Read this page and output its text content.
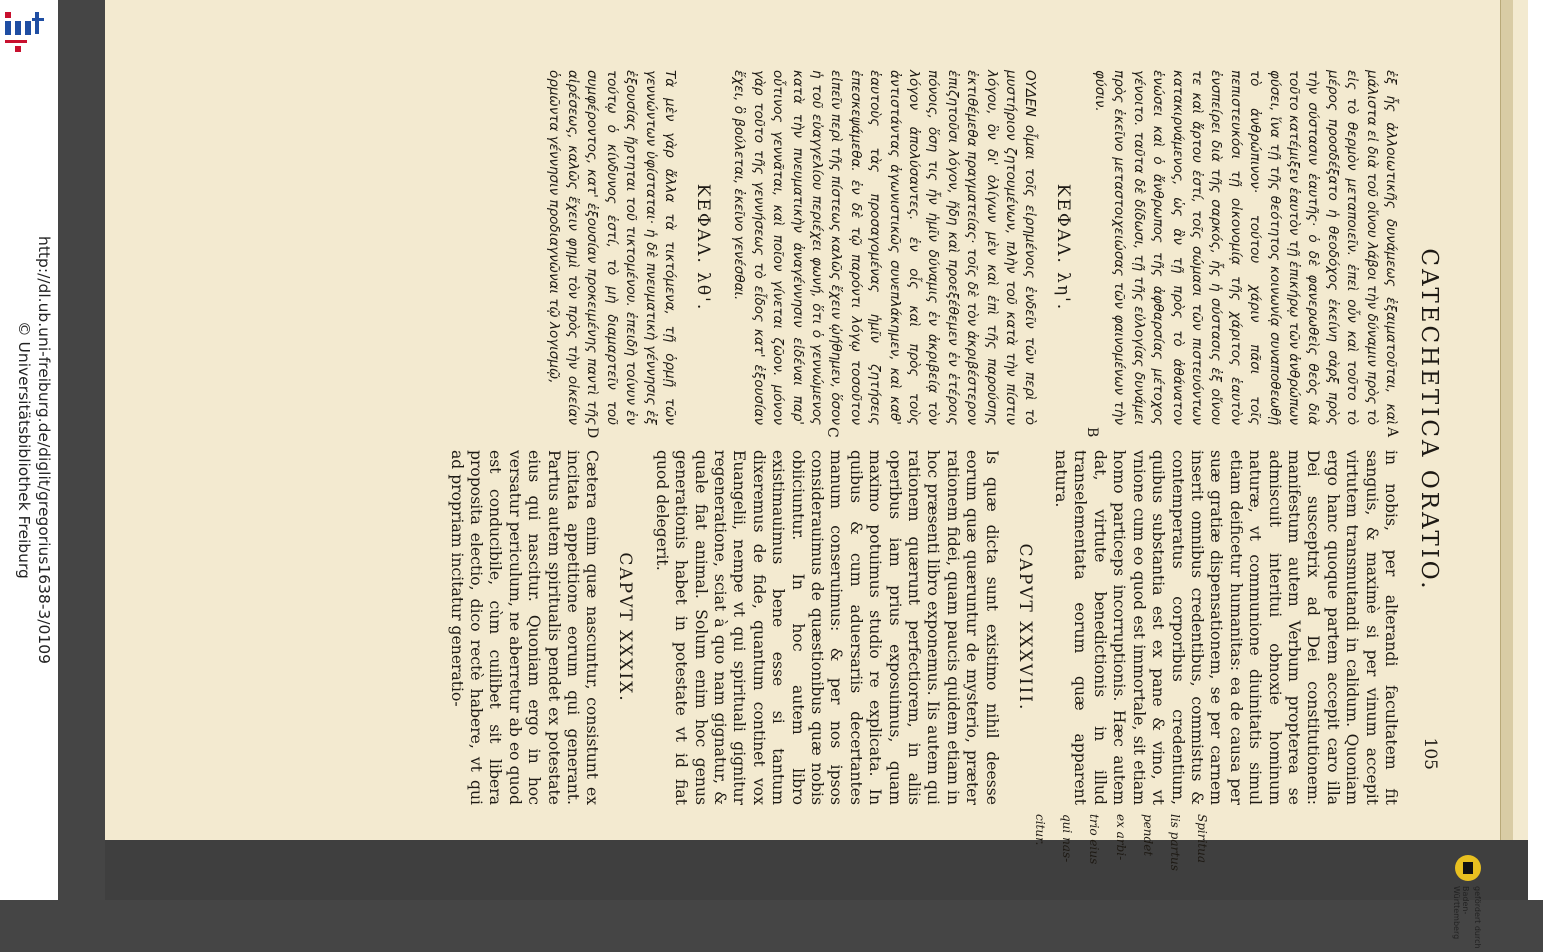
http://dl.ub.uni-freiburg.de/diglit/gregorius1638-3/0109
© Universitätsbibliothek Freiburg	CATECHETICA ORATIO.
105

ἐξ ἧς ἀλλοιωτικῆς δυνάμεως ἐξαιματοῦται, καὶ μάλιστα εἰ διὰ τοῦ οἴνου λάβοι τὴν δύναμιν πρὸς τὸ εἰς τὸ θερμὸν μεταποιεῖν. ἐπεὶ οὖν καὶ τοῦτο τὸ μέρος προσδέξατο ἡ θεοδόχος ἐκείνη σὰρξ πρὸς τὴν σύστασιν ἑαυτῆς· ὁ δὲ φανερωθεὶς θεὸς διὰ τοῦτο κατέμιξεν ἑαυτὸν τῇ ἐπικήρῳ τῶν ἀνθρώπων φύσει, ἵνα τῇ τῆς θεότητος κοινωνίᾳ συναποθεωθῇ τὸ ἀνθρώπινον· τούτου χάριν πᾶσι τοῖς πεπιστευκόσι τῇ οἰκονομίᾳ τῆς χάριτος ἑαυτὸν ἐνσπείρει διὰ τῆς σαρκός, ἧς ἡ σύστασις ἐξ οἴνου τε καὶ ἄρτου ἐστί, τοῖς σώμασι τῶν πιστευόντων κατακιρνάμενος, ὡς ἂν τῇ πρὸς τὸ ἀθάνατον ἑνώσει καὶ ὁ ἄνθρωπος τῆς ἀφθαρσίας μέτοχος γένοιτο. ταῦτα δὲ δίδωσι, τῇ τῆς εὐλογίας δυνάμει πρὸς ἐκεῖνο μεταστοιχειώσας τῶν φαινομένων τὴν φύσιν.

ΚΕΦΑΛ. λη'.

ΟΥΔΕΝ οἶμαι τοῖς εἰρημένοις ἐνδεῖν τῶν περὶ τὸ μυστήριον ζητουμένων, πλὴν τοῦ κατὰ τὴν πίστιν λόγου, ὃν δι' ὀλίγων μὲν καὶ ἐπὶ τῆς παρούσης ἐκτιθέμεθα πραγματείας· τοῖς δὲ τὸν ἀκριβέστερον ἐπιζητοῦσι λόγον, ἤδη καὶ προεξέθεμεν ἐν ἑτέροις πόνοις, ὅση τις ἦν ἡμῖν δύναμις ἐν ἀκριβείᾳ τὸν λόγον ἀπολύσαντες. ἐν οἷς καὶ πρὸς τοὺς ἀντιστάντας ἀγωνιστικῶς συνεπλάκημεν, καὶ καθ' ἑαυτοὺς τὰς προσαγομένας ἡμῖν ζητήσεις ἐπεσκεψάμεθα. ἐν δὲ τῷ παρόντι λόγῳ τοσοῦτον εἰπεῖν περὶ τῆς πίστεως καλῶς ἔχειν ᾠήθημεν, ὅσον ἡ τοῦ εὐαγγελίου περιέχει φωνή, ὅτι ὁ γεννώμενος κατὰ τὴν πνευματικὴν ἀναγέννησιν εἰδέναι παρ' οὗτινος γεννᾶται, καὶ ποῖον γίνεται ζῶον. μόνον γὰρ τοῦτο τῆς γεννήσεως τὸ εἶδος κατ' ἐξουσίαν ἔχει, ὃ βούλεται, ἐκεῖνο γενέσθαι.

ΚΕΦΑΛ. λθ'.

Τὰ μὲν γὰρ ἄλλα τὰ τικτόμενα, τῇ ὁρμῇ τῶν γεννώντων ὑφίσταται· ἡ δὲ πνευματικὴ γέννησις ἐξ ἐξουσίας ἤρτηται τοῦ τικτομένου. ἐπειδὴ τοίνυν ἐν τούτῳ ὁ κίνδυνος ἐστί, τὸ μὴ διαμαρτεῖν τοῦ συμφέροντος, κατ' ἐξουσίαν προκειμένης παντὶ τῆς αἱρέσεως, καλῶς ἔχειν φημὶ τὸν πρὸς τὴν οἰκείαν ὁρμῶντα γέννησιν προδιαγνῶναι τῷ λογισμῷ,

A
B
C
D

in nobis, per alterandi facultatem fit sanguis, & maximè si per vinum accepit virtutem transmutandi in calidum. Quoniam ergo hanc quoque partem accepit caro illa Dei susceptrix ad Dei constitutionem: manifestum autem Verbum propterea se admiscuit interitui obnoxie hominum naturæ, vt communione diuinitatis simul etiam deificetur humanitas: ea de causa per suæ gratiæ dispensationem, se per carnem inserit omnibus credentibus, commistus & contemperatus corporibus credentium, quibus substantia est ex pane & vino, vt vnione cum eo quod est immortale, sit etiam homo particeps incorruptionis. Hæc autem dat, virtute benedictionis in illud transelementata eorum quæ apparent natura.

CAPVT XXXVIII.

Is quæ dicta sunt existimo nihil deesse eorum quæ quæruntur de mysterio, præter rationem fidei, quam paucis quidem etiam in hoc præsenti libro exponemus. Iis autem qui rationem quærunt perfectiorem, in aliis operibus iam prius exposuimus, quam maximo potuimus studio re explicata. In quibus & cum aduersariis decertantes manum conseruimus: & per nos ipsos considerauimus de quæstionibus quæ nobis obiiciuntur. In hoc autem libro existimauimus bene esse si tantum dixeremus de fide, quantum continet vox Euangelii, nempe vt qui spirituali gignitur regeneratione, sciat à quo nam gignatur, & quale fiat animal. Solum enim hoc genus generationis habet in potestate vt id fiat quod delegerit.

CAPVT XXXIX.

Cætera enim quæ nascuntur, consistunt ex incitata appetitione eorum qui generant. Partus autem spiritualis pendet ex potestate eius qui nascitur. Quoniam ergo in hoc versatur periculum, ne aberretur ab eo quod est conducibile, cùm cuilibet sit libera proposita electio, dico rectè habere, vt qui ad propriam incitatur generatio-

Spiritua
lis partus
pendet
ex arbi-
trio eius
qui nas-
citur.
gefördert durch
Baden-Württemberg
